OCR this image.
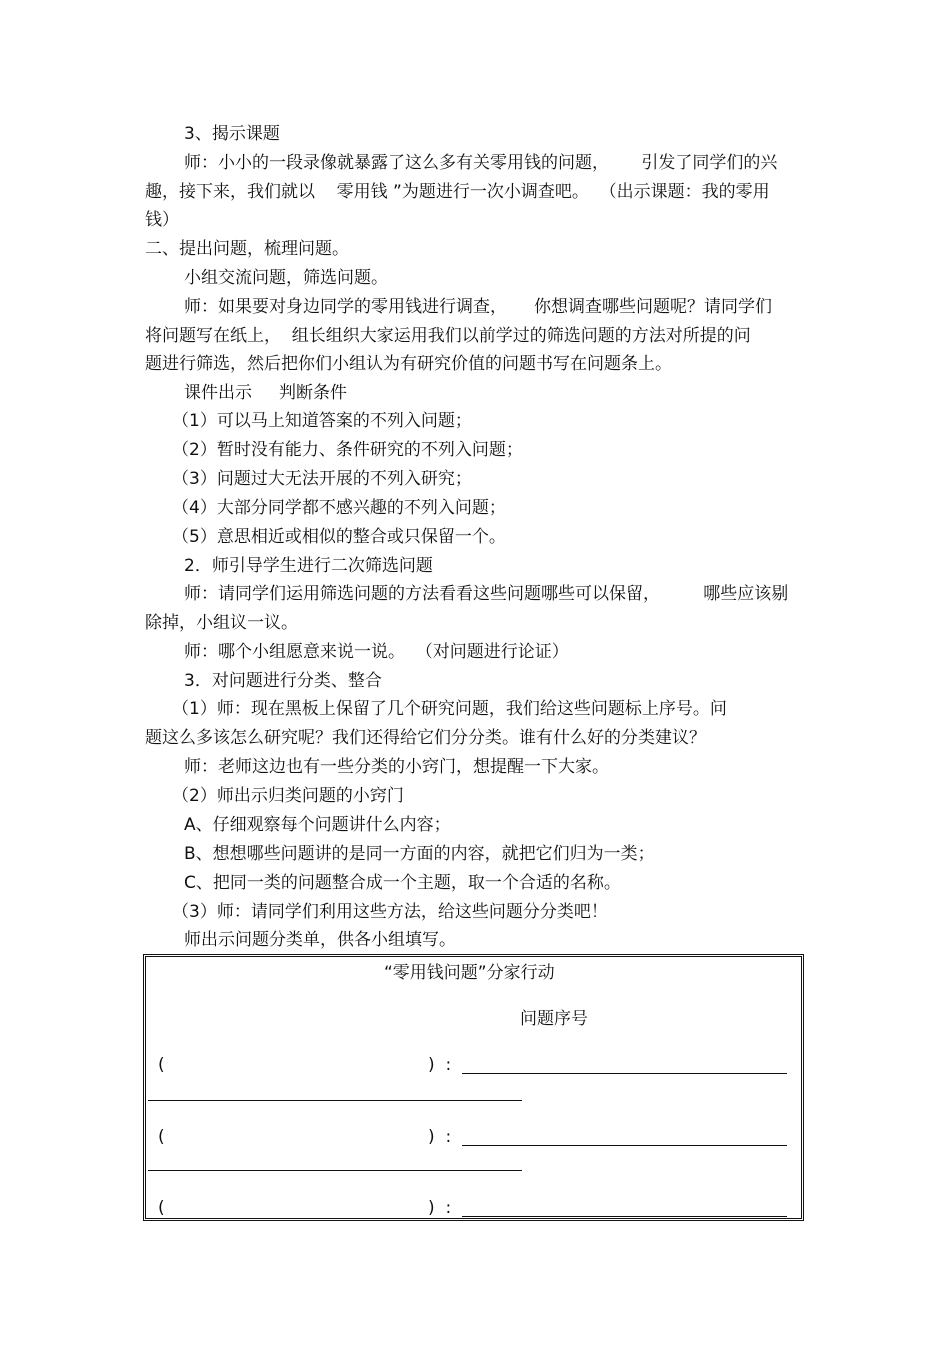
3、揭示课题
师：小小的一段录像就暴露了这么多有关零用钱的问题，      引发了同学们的兴
趣，接下来，我们就以    零用钱 ”为题进行一次小调查吧。  （出示课题：我的零用
钱）
二、提出问题，梳理问题。
小组交流问题，筛选问题。
师：如果要对身边同学的零用钱进行调查，     你想调查哪些问题呢？请同学们
将问题写在纸上，  组长组织大家运用我们以前学过的筛选问题的方法对所提的问
题进行筛选，然后把你们小组认为有研究价值的问题书写在问题条上。
课件出示     判断条件
（1）可以马上知道答案的不列入问题；
（2）暂时没有能力、条件研究的不列入问题；
（3）问题过大无法开展的不列入研究；
（4）大部分同学都不感兴趣的不列入问题；
（5）意思相近或相似的整合或只保留一个。
2．师引导学生进行二次筛选问题
师：请同学们运用筛选问题的方法看看这些问题哪些可以保留，        哪些应该剔
除掉，小组议一议。
师：哪个小组愿意来说一说。  （对问题进行论证）
3．对问题进行分类、整合
（1）师：现在黑板上保留了几个研究问题，我们给这些问题标上序号。问
题这么多该怎么研究呢？我们还得给它们分分类。谁有什么好的分类建议？
师：老师这边也有一些分类的小窍门，想提醒一下大家。
（2）师出示归类问题的小窍门
A、仔细观察每个问题讲什么内容；
B、想想哪些问题讲的是同一方面的内容，就把它们归为一类；
C、把同一类的问题整合成一个主题，取一个合适的名称。
（3）师：请同学们利用这些方法，给这些问题分分类吧！
师出示问题分类单，供各小组填写。
“零用钱问题”分家行动
问题序号
(	)  :
(	)  :
(	)  :
